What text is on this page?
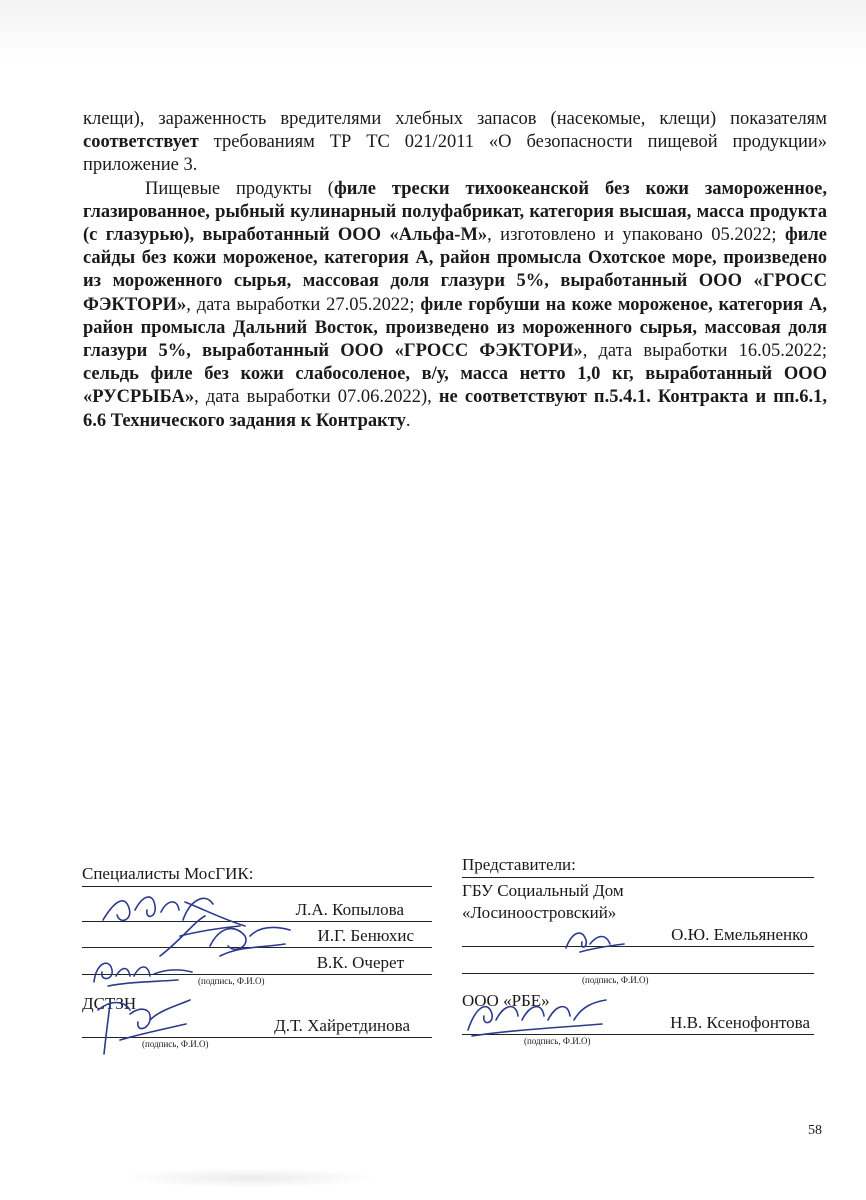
клещи), зараженность вредителями хлебных запасов (насекомые, клещи) показателям соответствует требованиям ТР ТС 021/2011 «О безопасности пищевой продукции» приложение 3.

Пищевые продукты (филе трески тихоокеанской без кожи замороженное, глазированное, рыбный кулинарный полуфабрикат, категория высшая, масса продукта (с глазурью), выработанный ООО «Альфа-М», изготовлено и упаковано 05.2022; филе сайды без кожи мороженое, категория А, район промысла Охотское море, произведено из мороженного сырья, массовая доля глазури 5%, выработанный ООО «ГРОСС ФЭКТОРИ», дата выработки 27.05.2022; филе горбуши на коже мороженое, категория А, район промысла Дальний Восток, произведено из мороженного сырья, массовая доля глазури 5%, выработанный ООО «ГРОСС ФЭКТОРИ», дата выработки 16.05.2022; сельдь филе без кожи слабосоленое, в/у, масса нетто 1,0 кг, выработанный ООО «РУСРЫБА», дата выработки 07.06.2022), не соответствуют п.5.4.1. Контракта и пп.6.1, 6.6 Технического задания к Контракту.

Специалисты МосГИК:
Л.А. Копылова
И.Г. Бенюхис
В.К. Очерет
(подпись, Ф.И.О)
ДСТЗН
Д.Т. Хайретдинова
(подпись, Ф.И.О)
Представители:
ГБУ Социальный Дом
«Лосиноостровский»
О.Ю. Емельяненко
(подпись, Ф.И.О)
ООО «РБЕ»
Н.В. Ксенофонтова
(подпись, Ф.И.О)
58
